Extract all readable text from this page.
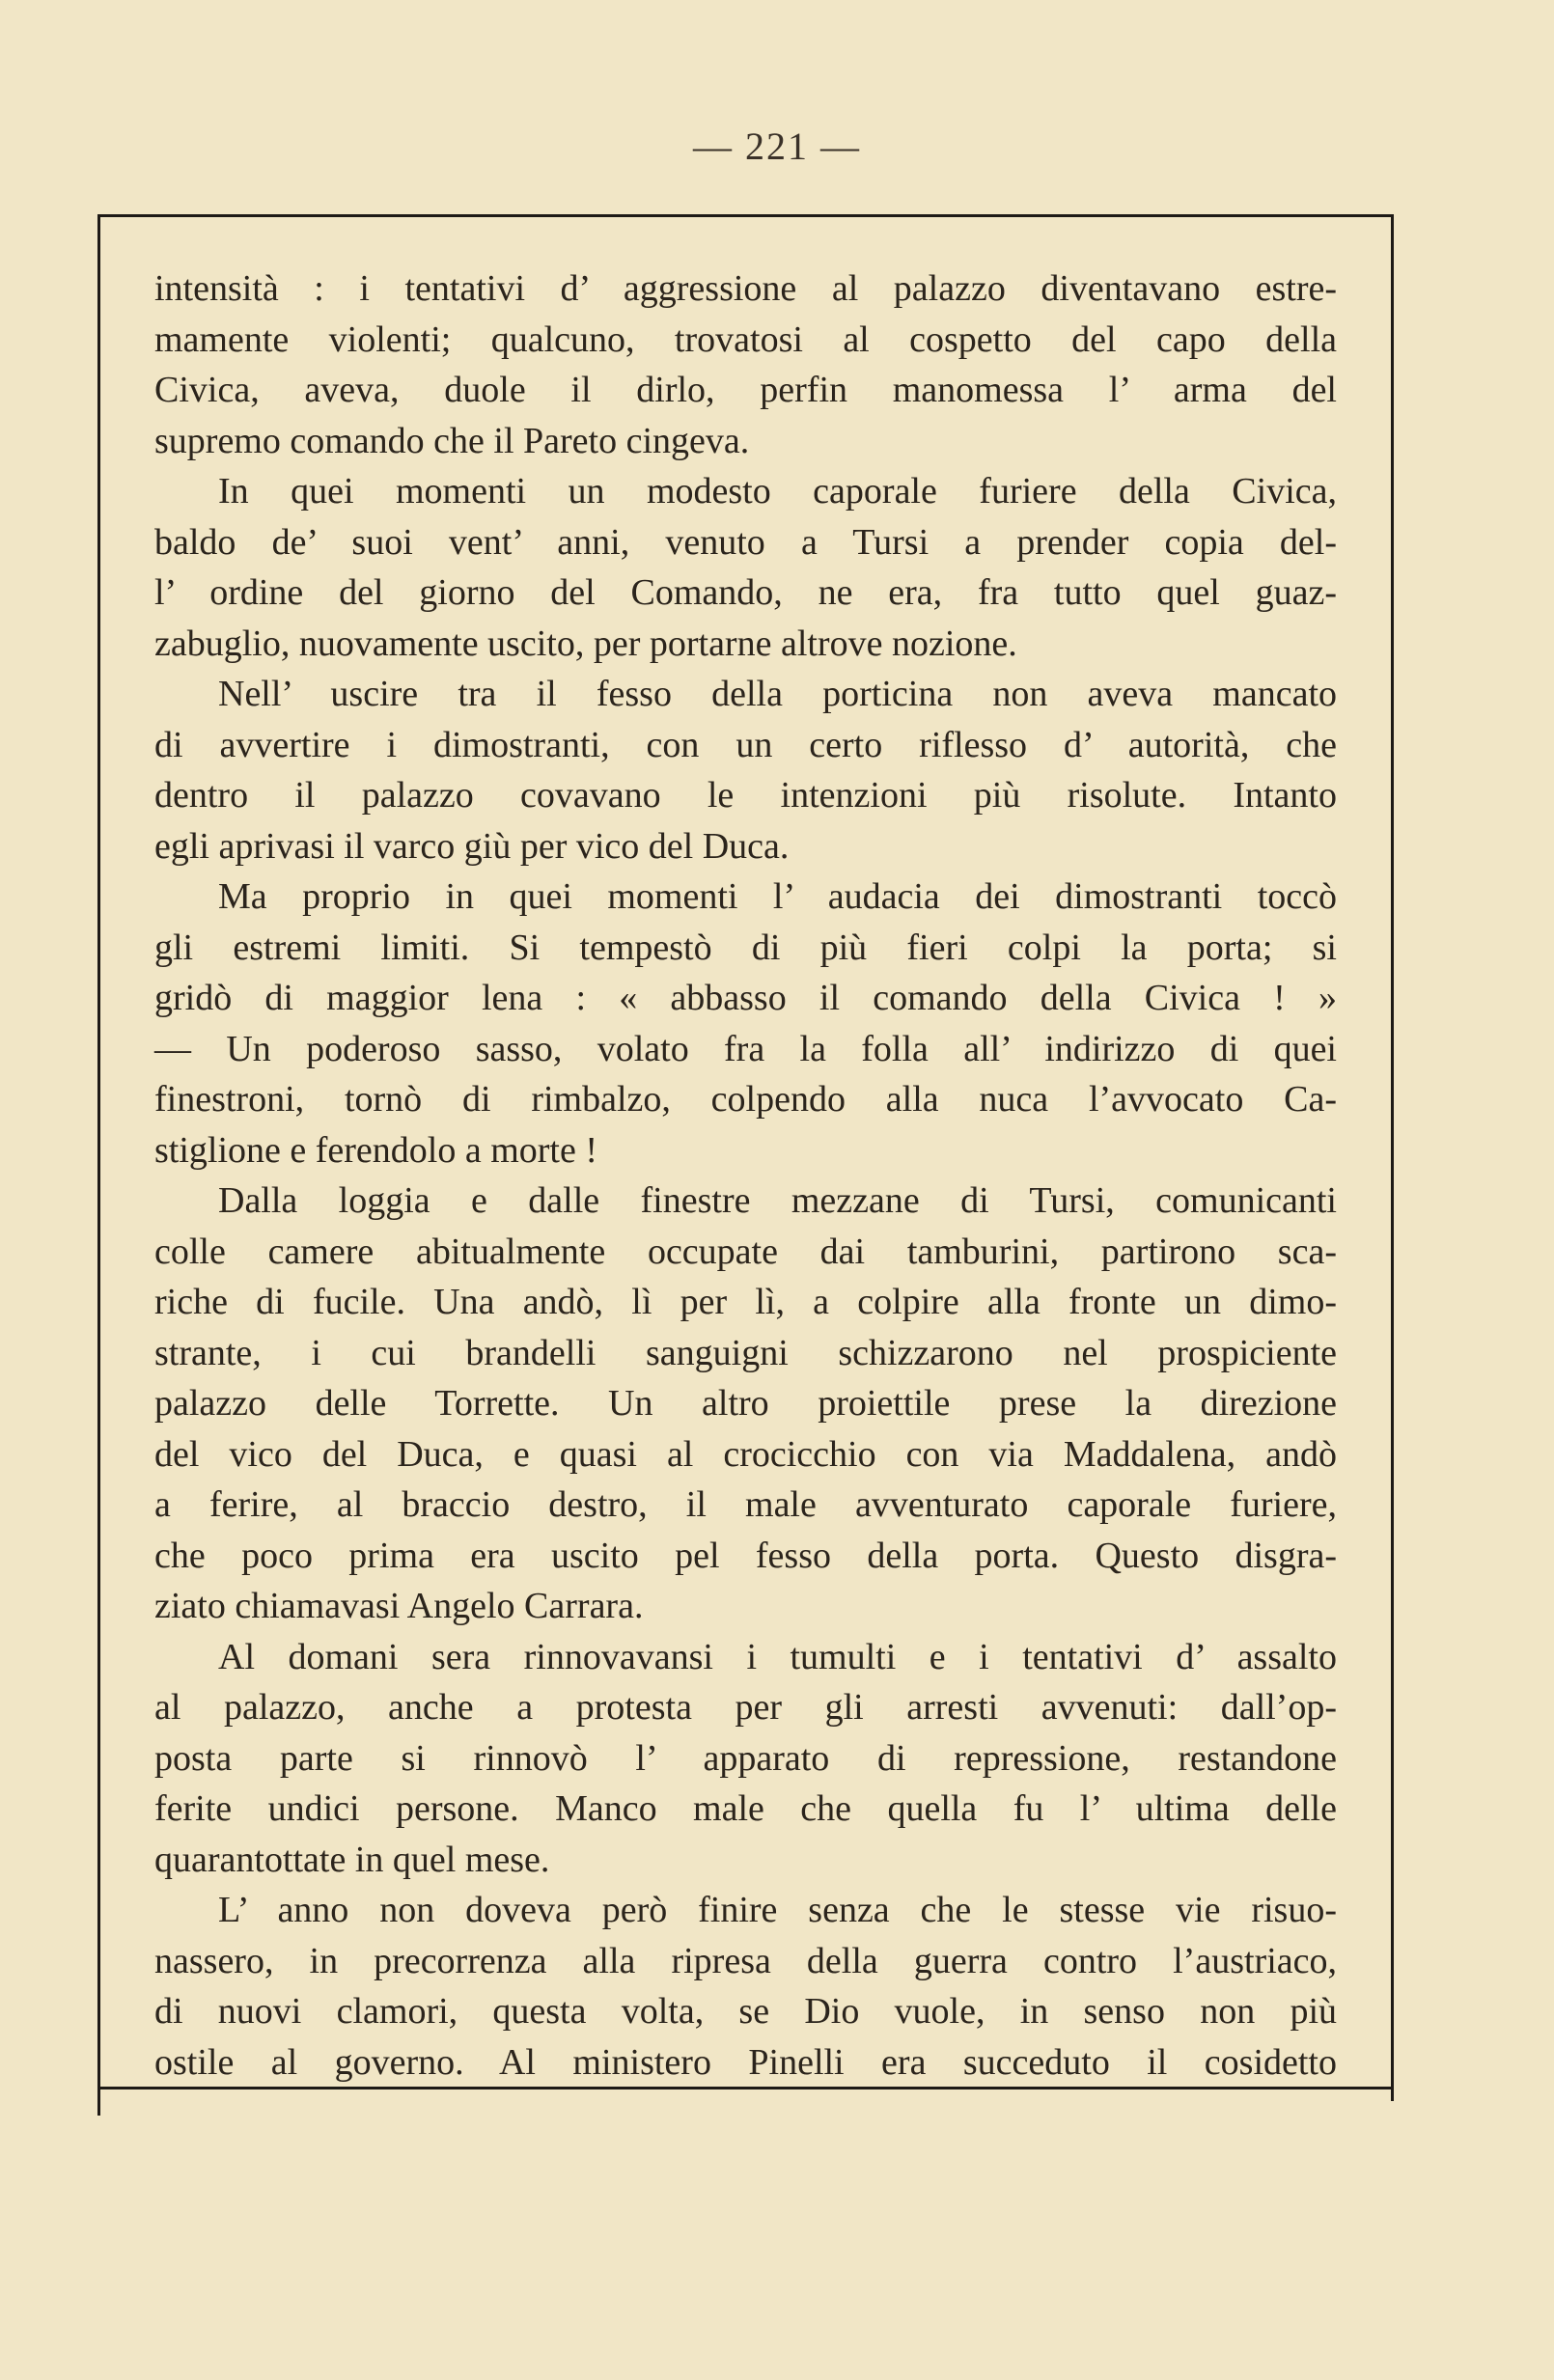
— 221 —
intensità : i tentativi d’ aggressione al palazzo diventavano estre-
mamente violenti; qualcuno, trovatosi al cospetto del capo della
Civica, aveva, duole il dirlo, perfin manomessa l’ arma del
supremo comando che il Pareto cingeva.
In quei momenti un modesto caporale furiere della Civica,
baldo de’ suoi vent’ anni, venuto a Tursi a prender copia del-
l’ ordine del giorno del Comando, ne era, fra tutto quel guaz-
zabuglio, nuovamente uscito, per portarne altrove nozione.
Nell’ uscire tra il fesso della porticina non aveva mancato
di avvertire i dimostranti, con un certo riflesso d’ autorità, che
dentro il palazzo covavano le intenzioni più risolute. Intanto
egli aprivasi il varco giù per vico del Duca.
Ma proprio in quei momenti l’ audacia dei dimostranti toccò
gli estremi limiti. Si tempestò di più fieri colpi la porta; si
gridò di maggior lena : « abbasso il comando della Civica ! »
— Un poderoso sasso, volato fra la folla all’ indirizzo di quei
finestroni, tornò di rimbalzo, colpendo alla nuca l’avvocato Ca-
stiglione e ferendolo a morte !
Dalla loggia e dalle finestre mezzane di Tursi, comunicanti
colle camere abitualmente occupate dai tamburini, partirono sca-
riche di fucile. Una andò, lì per lì, a colpire alla fronte un dimo-
strante, i cui brandelli sanguigni schizzarono nel prospiciente
palazzo delle Torrette. Un altro proiettile prese la direzione
del vico del Duca, e quasi al crocicchio con via Maddalena, andò
a ferire, al braccio destro, il male avventurato caporale furiere,
che poco prima era uscito pel fesso della porta. Questo disgra-
ziato chiamavasi Angelo Carrara.
Al domani sera rinnovavansi i tumulti e i tentativi d’ assalto
al palazzo, anche a protesta per gli arresti avvenuti: dall’op-
posta parte si rinnovò l’ apparato di repressione, restandone
ferite undici persone. Manco male che quella fu l’ ultima delle
quarantottate in quel mese.
L’ anno non doveva però finire senza che le stesse vie risuo-
nassero, in precorrenza alla ripresa della guerra contro l’austriaco,
di nuovi clamori, questa volta, se Dio vuole, in senso non più
ostile al governo. Al ministero Pinelli era succeduto il cosidetto
